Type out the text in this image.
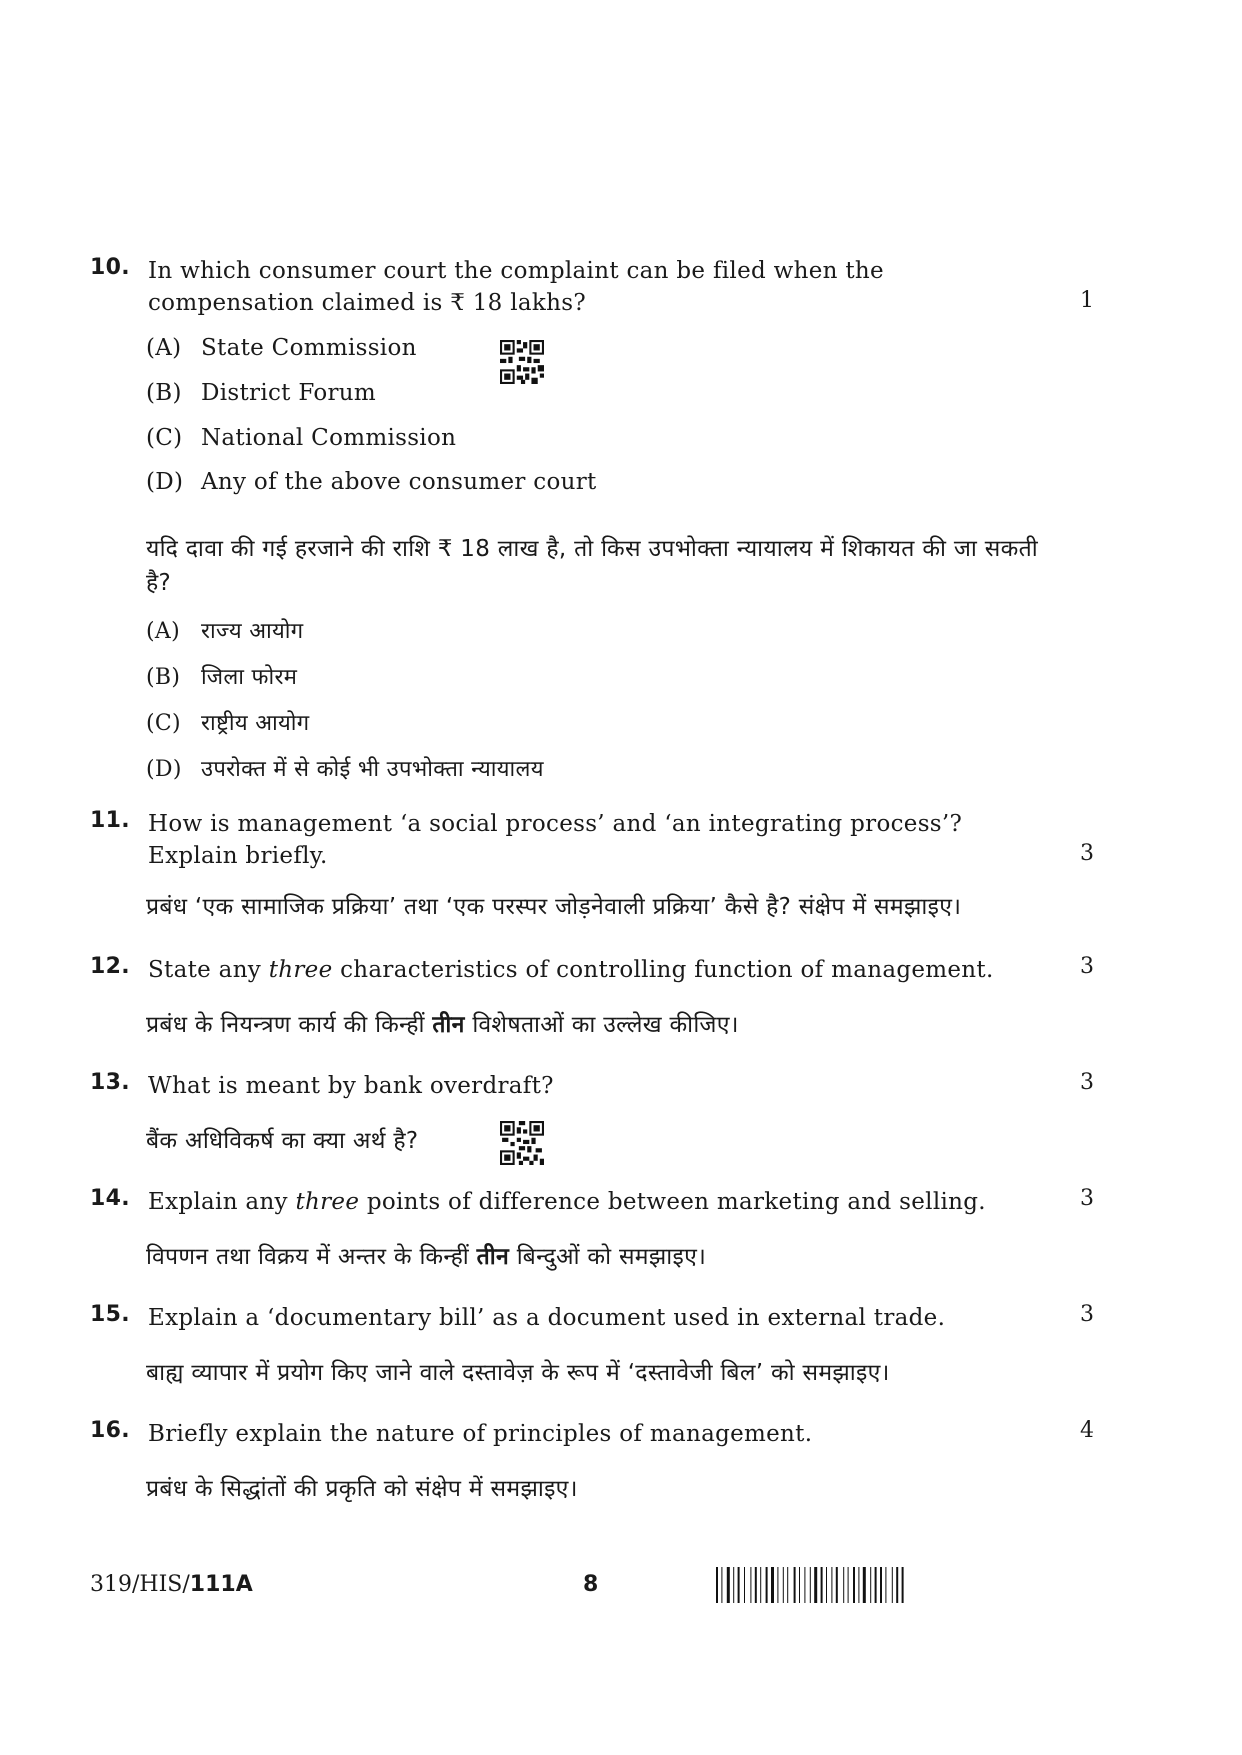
10. In which consumer court the complaint can be filed when the compensation claimed is ₹ 18 lakhs?	1
(A) State Commission
(B) District Forum
(C) National Commission
(D) Any of the above consumer court
यदि दावा की गई हरजाने की राशि ₹ 18 लाख है, तो किस उपभोक्ता न्यायालय में शिकायत की जा सकती है?
(A) राज्य आयोग
(B) जिला फोरम
(C) राष्ट्रीय आयोग
(D) उपरोक्त में से कोई भी उपभोक्ता न्यायालय
11. How is management ‘a social process’ and ‘an integrating process’? Explain briefly.	3
प्रबंध ‘एक सामाजिक प्रक्रिया’ तथा ‘एक परस्पर जोड़नेवाली प्रक्रिया’ कैसे है? संक्षेप में समझाइए।
12. State any three characteristics of controlling function of management.	3
प्रबंध के नियन्त्रण कार्य की किन्हीं तीन विशेषताओं का उल्लेख कीजिए।
13. What is meant by bank overdraft?	3
बैंक अधिविकर्ष का क्या अर्थ है?
14. Explain any three points of difference between marketing and selling.	3
विपणन तथा विक्रय में अन्तर के किन्हीं तीन बिन्दुओं को समझाइए।
15. Explain a ‘documentary bill’ as a document used in external trade.	3
बाह्य व्यापार में प्रयोग किए जाने वाले दस्तावेज़ के रूप में ‘दस्तावेजी बिल’ को समझाइए।
16. Briefly explain the nature of principles of management.	4
प्रबंध के सिद्धांतों की प्रकृति को संक्षेप में समझाइए।
319/HIS/111A	8
